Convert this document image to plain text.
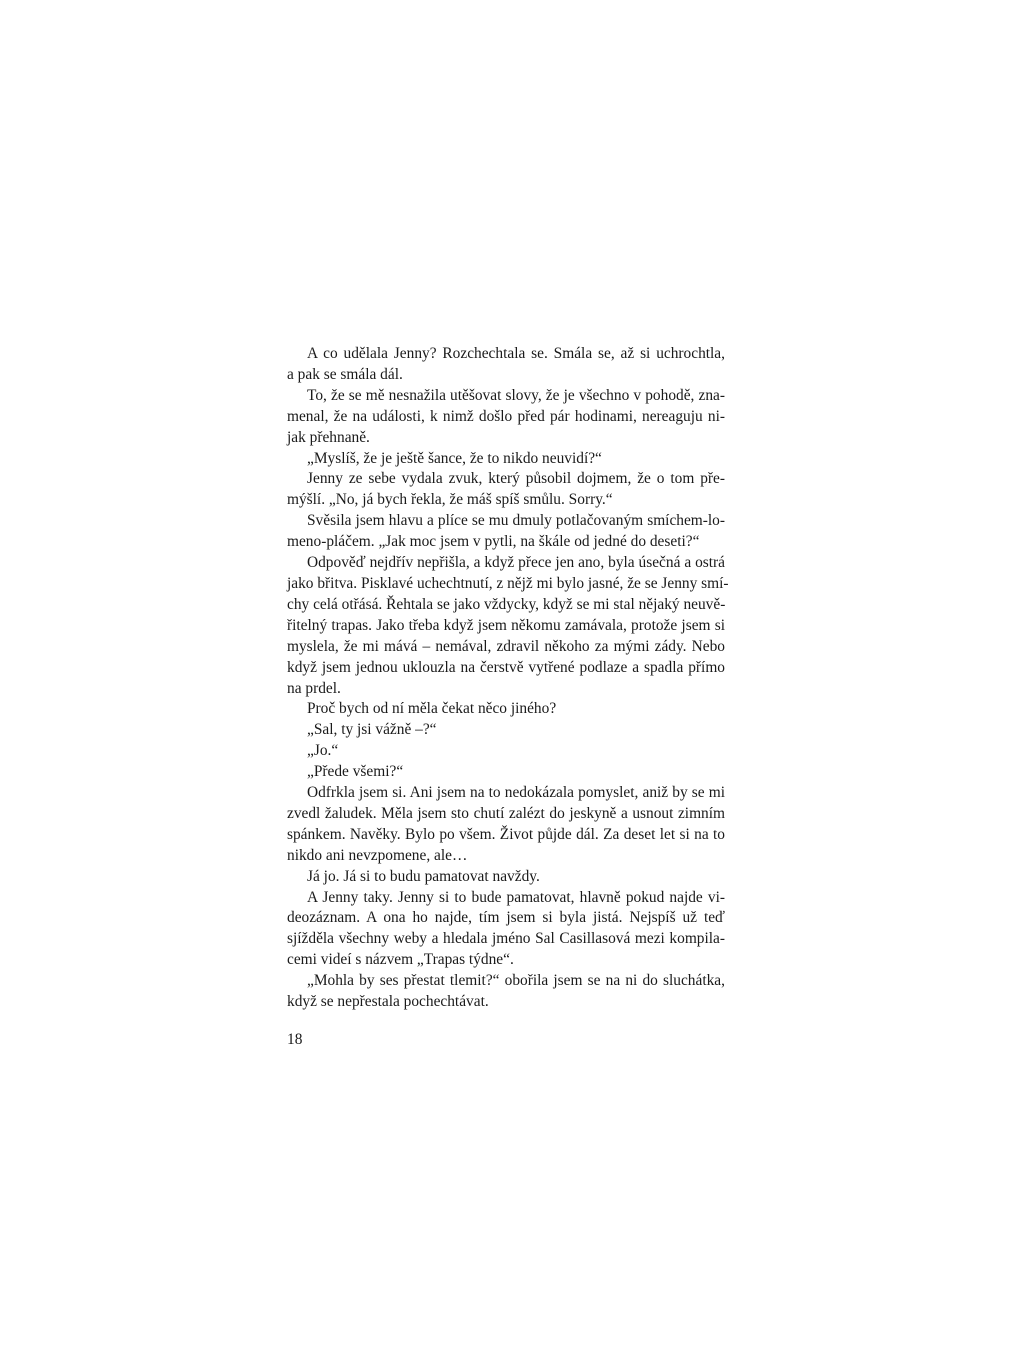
A co udělala Jenny? Rozchechtala se. Smála se, až si uchrochtla,
a pak se smála dál.
To, že se mě nesnažila utěšovat slovy, že je všechno v pohodě, zna-
menal, že na události, k nimž došlo před pár hodinami, nereaguju ni-
jak přehnaně.
„Myslíš, že je ještě šance, že to nikdo neuvidí?“
Jenny ze sebe vydala zvuk, který působil dojmem, že o tom pře-
mýšlí. „No, já bych řekla, že máš spíš smůlu. Sorry.“
Svěsila jsem hlavu a plíce se mu dmuly potlačovaným smíchem-lo-
meno-pláčem. „Jak moc jsem v pytli, na škále od jedné do deseti?“
Odpověď nejdřív nepřišla, a když přece jen ano, byla úsečná a ostrá
jako břitva. Pisklavé uchechtnutí, z nějž mi bylo jasné, že se Jenny smí-
chy celá otřásá. Řehtala se jako vždycky, když se mi stal nějaký neuvě-
řitelný trapas. Jako třeba když jsem někomu zamávala, protože jsem si
myslela, že mi mává – nemával, zdravil někoho za mými zády. Nebo
když jsem jednou uklouzla na čerstvě vytřené podlaze a spadla přímo
na prdel.
Proč bych od ní měla čekat něco jiného?
„Sal, ty jsi vážně –?“
„Jo.“
„Přede všemi?“
Odfrkla jsem si. Ani jsem na to nedokázala pomyslet, aniž by se mi
zvedl žaludek. Měla jsem sto chutí zalézt do jeskyně a usnout zimním
spánkem. Navěky. Bylo po všem. Život půjde dál. Za deset let si na to
nikdo ani nevzpomene, ale…
Já jo. Já si to budu pamatovat navždy.
A Jenny taky. Jenny si to bude pamatovat, hlavně pokud najde vi-
deozáznam. A ona ho najde, tím jsem si byla jistá. Nejspíš už teď
sjížděla všechny weby a hledala jméno Sal Casillasová mezi kompila-
cemi videí s názvem „Trapas týdne“.
„Mohla by ses přestat tlemit?“ obořila jsem se na ni do sluchátka,
když se nepřestala pochechtávat.
18
